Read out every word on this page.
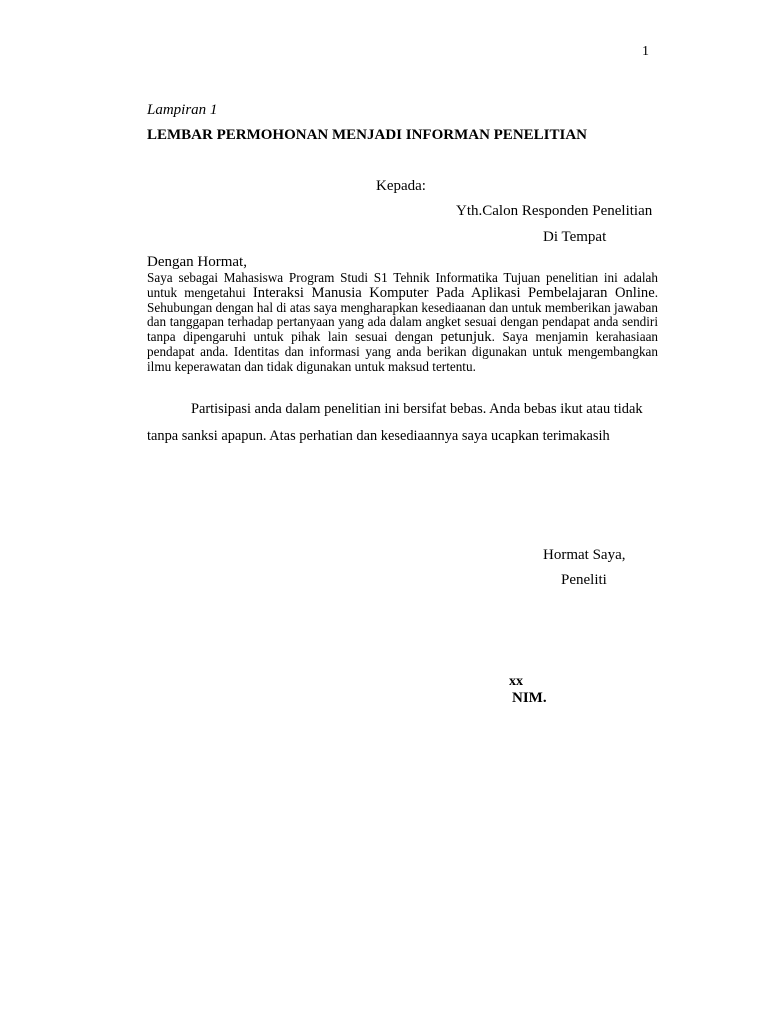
1
Lampiran 1
LEMBAR PERMOHONAN MENJADI INFORMAN PENELITIAN
Kepada:
Yth.Calon Responden Penelitian
Di Tempat
Dengan Hormat,
Saya sebagai Mahasiswa Program Studi S1 Tehnik Informatika Tujuan penelitian ini adalah untuk mengetahui Interaksi Manusia Komputer Pada Aplikasi Pembelajaran Online. Sehubungan dengan hal di atas saya mengharapkan kesediaanan dan untuk memberikan jawaban dan tanggapan terhadap pertanyaan yang ada dalam angket sesuai dengan pendapat anda sendiri tanpa dipengaruhi untuk pihak lain sesuai dengan petunjuk. Saya menjamin kerahasiaan pendapat anda. Identitas dan informasi yang anda berikan digunakan untuk mengembangkan ilmu keperawatan dan tidak digunakan untuk maksud tertentu.
Partisipasi anda dalam penelitian ini bersifat bebas. Anda bebas ikut atau tidak tanpa sanksi apapun. Atas perhatian dan kesediaannya saya ucapkan terimakasih
Hormat Saya,
Peneliti
xx
NIM.
